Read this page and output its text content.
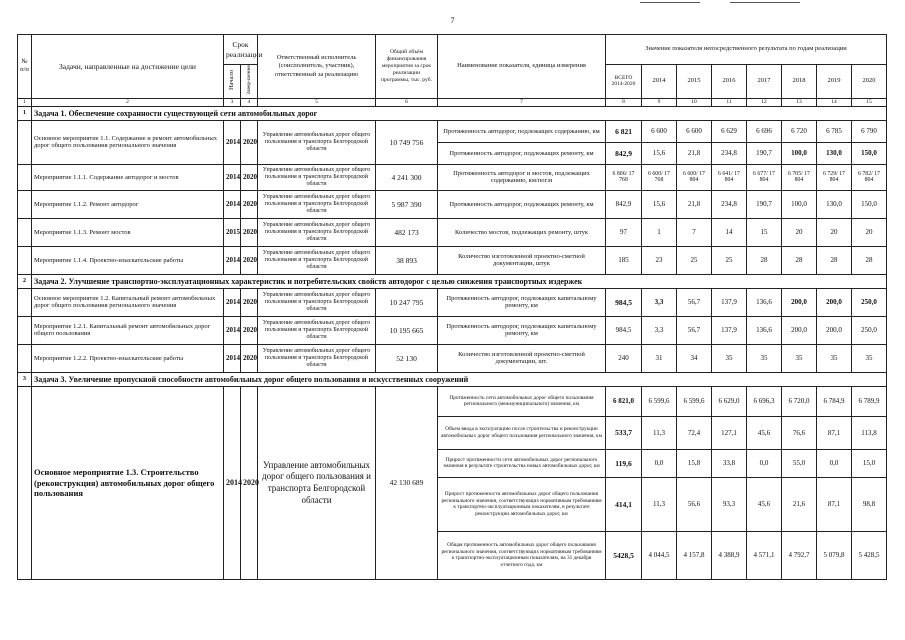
7
№ п/п	Задачи, направленные на достижение цели	Срок реализации		Ответственный исполнитель (соисполнитель, участник), ответственный за реализацию	Общий объём финансирования мероприятия за срок реализации программы, тыс. руб.	Наименование показателя, единица измерения	Значение показателя непосредственного результата по годам реализации							
		Начало	Завер-шение				ВСЕГО 2014-2020	2014	2015	2016	2017	2018	2019	2020
1	2	3	4	5	6	7	8	9	10	11	12	13	14	15
1	Задача 1. Обеспечение сохранности существующей сети автомобильных дорог													
	Основное мероприятие 1.1. Содержание и ремонт автомобильных дорог общего пользования регионального значения	2014	2020	Управление автомобильных дорог общего пользования и транспорта Белгородской области	10 749 756	Протяженность автодорог, подлежащих содержанию, км	6 821	6 600	6 600	6 629	6 696	6 720	6 785	6 790
						Протяженность автодорог, подлежащих ремонту, км	842,9	15,6	21,8	234,8	190,7	100,0	130,0	150,0
	Мероприятие 1.1.1. Содержание автодорог и мостов	2014	2020	Управление автомобильных дорог общего пользования и транспорта Белгородской области	4 241 300	Протяженность автодорог и мостов, подлежащих содержанию, км/пог.м	6 806/ 17 768	6 600/ 17 768	6 600/ 17 804	6 641/ 17 804	6 677/ 17 804	6 705/ 17 804	6 729/ 17 804	6 782/ 17 804
	Мероприятие 1.1.2. Ремонт автодорог	2014	2020	Управление автомобильных дорог общего пользования и транспорта Белгородской области	5 987 390	Протяженность автодорог, подлежащих ремонту, км	842,9	15,6	21,8	234,8	190,7	100,0	130,0	150,0
	Мероприятие 1.1.3. Ремонт мостов	2015	2020	Управление автомобильных дорог общего пользования и транспорта Белгородской области	482 173	Количество мостов, подлежащих ремонту, штук	97	1	7	14	15	20	20	20
	Мероприятие 1.1.4. Проектно-изыскательские работы	2014	2020	Управление автомобильных дорог общего пользования и транспорта Белгородской области	38 893	Количество изготовленной проектно-сметной документации, штук	185	23	25	25	28	28	28	28
2	Задача 2. Улучшение транспортно-эксплуатационных характеристик и потребительских свойств автодорог с целью снижения транспортных издержек													
	Основное мероприятие 1.2. Капитальный ремонт автомобильных дорог общего пользования регионального значения	2014	2020	Управление автомобильных дорог общего пользования и транспорта Белгородской области	10 247 795	Протяженность автодорог, подлежащих капитальному ремонту, км	984,5	3,3	56,7	137,9	136,6	200,0	200,0	250,0
	Мероприятие 1.2.1. Капитальный ремонт автомобильных дорог общего пользования	2014	2020	Управление автомобильных дорог общего пользования и транспорта Белгородской области	10 195 665	Протяженность автодорог, подлежащих капитальному ремонту, км	984,5	3,3	56,7	137,9	136,6	200,0	200,0	250,0
	Мероприятие 1.2.2. Проектно-изыскательские работы	2014	2020	Управление автомобильных дорог общего пользования и транспорта Белгородской области	52 130	Количество изготовленной проектно-сметной документации, шт.	240	31	34	35	35	35	35	35
3	Задача 3. Увеличение пропускной способности автомобильных дорог общего пользования и искусственных сооружений													
	Основное мероприятие 1.3. Строительство (реконструкция) автомобильных дорог общего пользования	2014	2020	Управление автомобильных дорог общего пользования и транспорта Белгородской области	42 130 689	Протяженность сети автомобильных дорог общего пользования регионального (межмуниципального) значения, км	6 821,0	6 599,6	6 599,6	6 629,0	6 696,3	6 720,0	6 784,9	6 789,9
						Объем ввода в эксплуатацию после строительства и реконструкции автомобильных дорог общего пользования регионального значения, км	533,7	11,3	72,4	127,1	45,6	76,6	87,1	113,8
						Прирост протяженности сети автомобильных дорог регионального значения в результате строительства новых автомобильных дорог, км	119,6	0,0	15,8	33,8	0,0	55,0	0,0	15,0
						Прирост протяженности автомобильных дорог общего пользования регионального значения, соответствующих нормативным требованиям к транспортно-эксплуатационным показателям, в результате реконструкции автомобильных дорог, км	414,1	11,3	56,6	93,3	45,6	21,6	87,1	98,8
						Общая протяженность автомобильных дорог общего пользования регионального значения, соответствующих нормативным требованиям к транспортно-эксплуатационным показателям, на 31 декабря отчетного года, км	5428,5	4 044,5	4 157,8	4 388,9	4 571,1	4 792,7	5 079,8	5 428,5
